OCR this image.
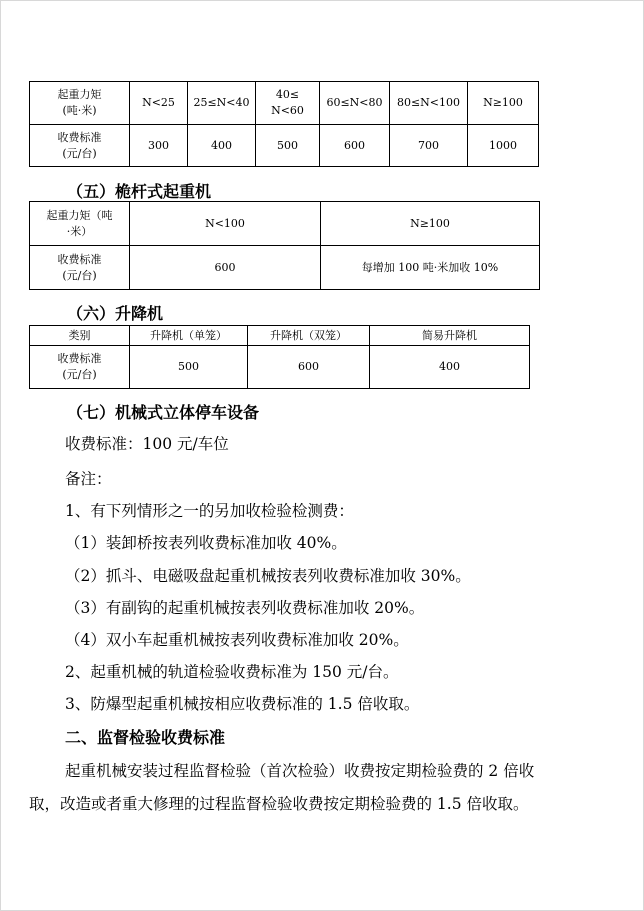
起重力矩
(吨·米)	N<25	25≤N<40	40≤
N<60	60≤N<80	80≤N<100	N≥100
收费标准
(元/台)	300	400	500	600	700	1000
（五）桅杆式起重机
起重力矩（吨
·米）	N<100	N≥100
收费标准
(元/台)	600	每增加 100 吨·米加收 10%
（六）升降机
类别	升降机（单笼）	升降机（双笼）	简易升降机
收费标准
(元/台)	500	600	400
（七）机械式立体停车设备
收费标准：100 元/车位
备注：
1、有下列情形之一的另加收检验检测费：
（1）装卸桥按表列收费标准加收 40%。
（2）抓斗、电磁吸盘起重机械按表列收费标准加收 30%。
（3）有副钩的起重机械按表列收费标准加收 20%。
（4）双小车起重机械按表列收费标准加收 20%。
2、起重机械的轨道检验收费标准为 150 元/台。
3、防爆型起重机械按相应收费标准的 1.5 倍收取。
二、监督检验收费标准
起重机械安装过程监督检验（首次检验）收费按定期检验费的 2 倍收
取，改造或者重大修理的过程监督检验收费按定期检验费的 1.5 倍收取。
